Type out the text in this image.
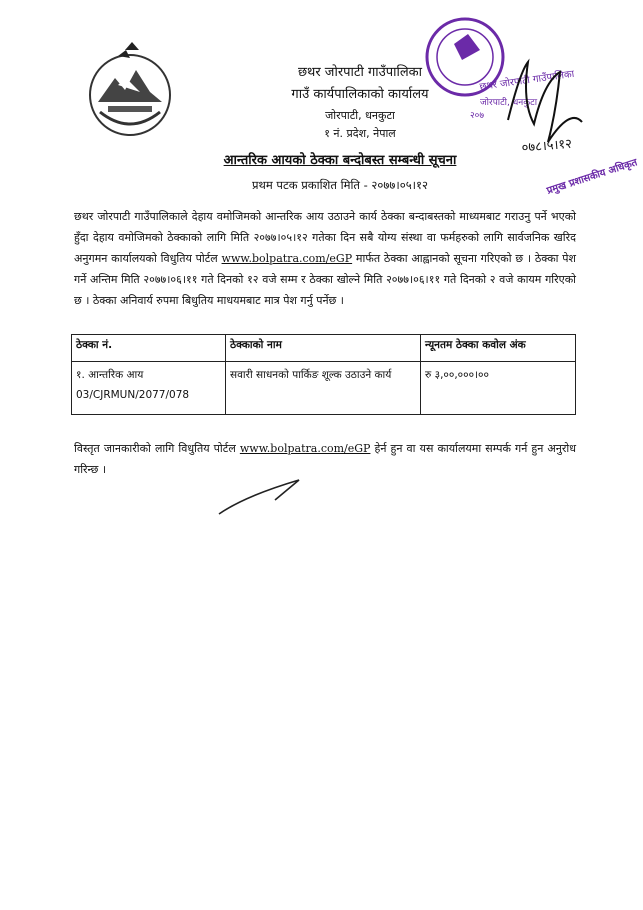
छथर जोरपाटी गाउँपालिका
गाउँ कार्यपालिकाको कार्यालय
जोरपाटी, धनकुटा
१ नं. प्रदेश, नेपाल
आन्तरिक आयको ठेक्का बन्दोबस्त सम्बन्धी सूचना
प्रथम पटक प्रकाशित मिति - २०७७।०५।१२
छथर जोरपाटी गाउँपालिकाले देहाय वमोजिमको आन्तरिक आय उठाउने कार्य ठेक्का बन्दाबस्तको माध्यमबाट गराउनु पर्ने भएको हुँदा देहाय वमोजिमको ठेक्काको लागि मिति २०७७।०५।१२ गतेका दिन सबै योग्य संस्था वा फर्महरुको लागि सार्वजनिक खरिद अनुगमन कार्यालयको विधुतिय पोर्टल www.bolpatra.com/eGP मार्फत ठेक्का आह्वानको सूचना गरिएको छ । ठेक्का पेश गर्ने अन्तिम मिति २०७७।०६।११ गते दिनको १२ वजे सम्म र ठेक्का खोल्ने मिति २०७७।०६।११ गते दिनको २ वजे कायम गरिएको छ । ठेक्का अनिवार्य रुपमा बिधुतिय माधयमबाट मात्र पेश गर्नु पर्नेछ ।
ठेक्का नं.	ठेक्काको नाम	न्यूनतम ठेक्का कवोल अंक

१. आन्तरिक आय
03/CJRMUN/2077/078	सवारी साधनको पार्किङ शूल्क उठाउने कार्य	रु ३,००,०००।००
विस्तृत जानकारीको लागि विधुतिय पोर्टल www.bolpatra.com/eGP हेर्न हुन वा यस कार्यालयमा सम्पर्क गर्न हुन अनुरोध गरिन्छ ।
छथर जोरपाटी गाउँपालिका
जोरपाटी, धनकुटा
२०७
०७८।५।१२
प्रमुख प्रशासकीय अधिकृत
